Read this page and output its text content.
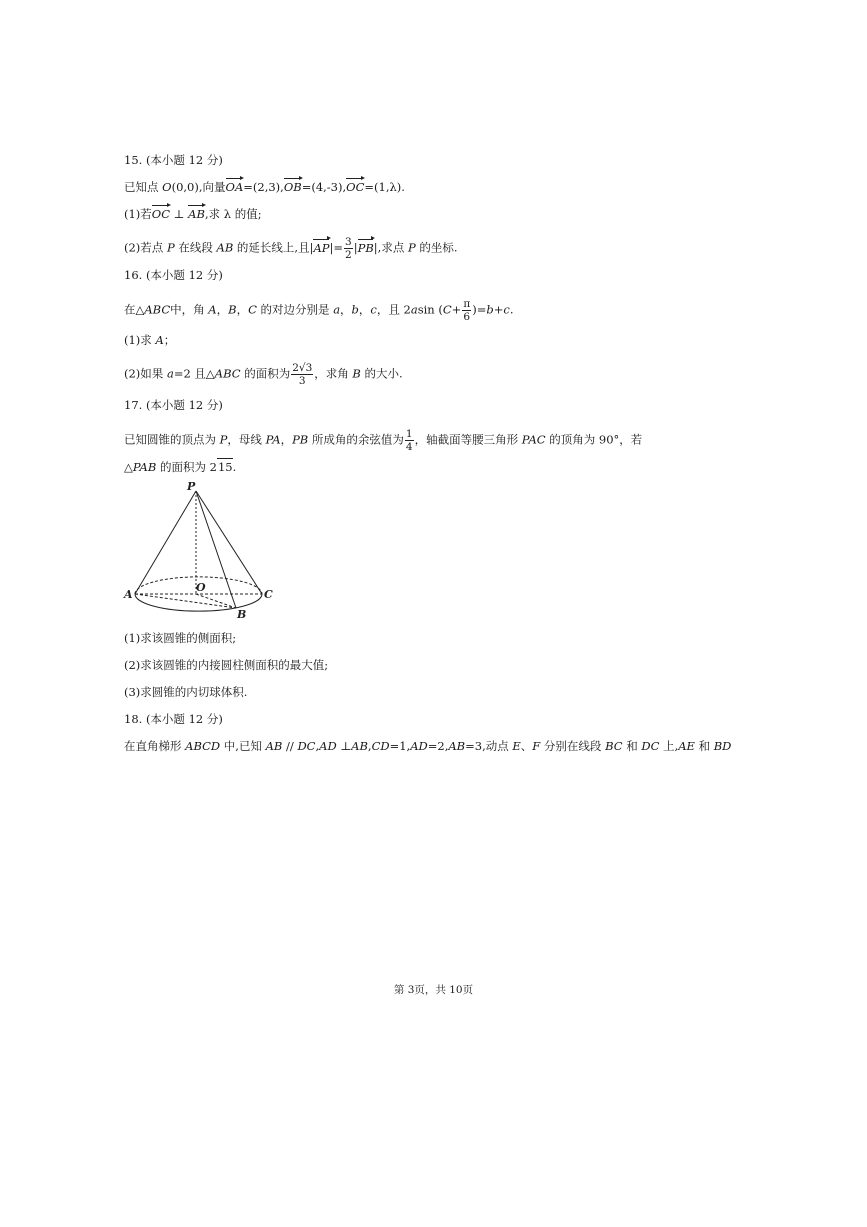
15. (本小题 12 分)
已知点 O(0,0),向量OA=(2,3),OB=(4,-3),OC=(1,λ).
(1)若OC ⊥ AB,求 λ 的值;
(2)若点 P 在线段 AB 的延长线上,且$|AP|= \frac{3}{2} |PB|$,求点 P 的坐标.
16. (本小题 12 分)
在△ABC中，角 A，B，C 的对边分别是 a，b，c，且 2asin $(C+ \frac{\pi}{6} )=b+c$.
(1)求 A；
(2)如果 a=2 且△ABC 的面积为 $\frac{2√3}{3}$ ，求角 B 的大小.
17. (本小题 12 分)
已知圆锥的顶点为 P，母线 PA，PB 所成角的余弦值为 $\frac{1}{4}$ ，轴截面等腰三角形 PAC 的顶角为 90°，若
△PAB 的面积为 215.
P
A
O
C
B
(1)求该圆锥的侧面积;
(2)求该圆锥的内接圆柱侧面积的最大值;
(3)求圆锥的内切球体积.
18. (本小题 12 分)
在直角梯形 ABCD 中,已知 AB // DC,AD ⊥AB,CD=1,AD=2,AB=3,动点 E、F 分别在线段 BC 和 DC 上,AE 和 BD
第 3页，共 10页
